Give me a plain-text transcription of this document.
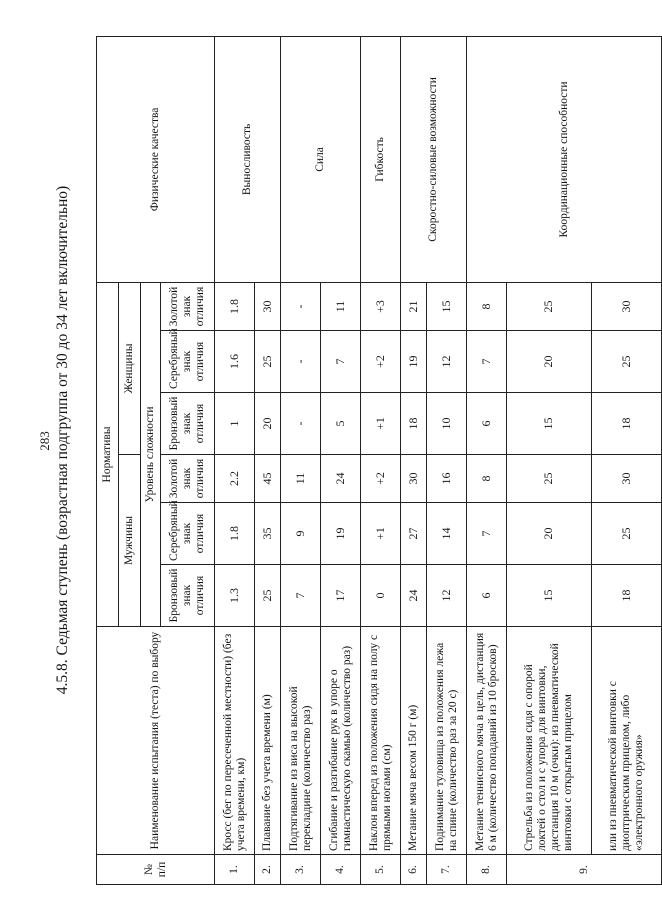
283 4.5.8. Седьмая ступень (возрастная подгруппа от 30 до 34 лет включительно)
№ п/п	Наименование испытания (теста) по выбору	Нормативы						Физические качества
		Мужчины			Женщины			
		Уровень сложности						
		Бронзовый знак отличия	Серебряный знак отличия	Золотой знак отличия	Бронзовый знак отличия	Серебряный знак отличия	Золотой знак отличия	
1.	Кросс (бег по пересеченной местности) (без учета времени, км)	1.3	1.8	2.2	1	1.6	1.8	Выносливость
2.	Плавание без учета времени (м)	25	35	45	20	25	30	
3.	Подтягивание из виса на высокой перекладине (количество раз)	7	9	11	-	-	-	Сила
4.	Сгибание и разгибание рук в упоре о гимнастическую скамью (количество раз)	17	19	24	5	7	11	
5.	Наклон вперед из положения сидя на полу с прямыми ногами (см)	0	+1	+2	+1	+2	+3	Гибкость
6.	Метание мяча весом 150 г (м)	24	27	30	18	19	21	Скоростно-силовые возможности
7.	Поднимание туловища из положения лежа на спине (количество раз за 20 с)	12	14	16	10	12	15	
8.	Метание теннисного мяча в цель, дистанция 6 м (количество попаданий из 10 бросков)	6	7	8	6	7	8	Координационные способности
9.	Стрельба из положения сидя с опорой локтей о стол и с упора для винтовки, дистанция 10 м (очки): из пневматической винтовки с открытым прицелом	15	20	25	15	20	25	
	или из пневматической винтовки с диоптрическим прицелом, либо «электронного оружия»	18	25	30	18	25	30	
